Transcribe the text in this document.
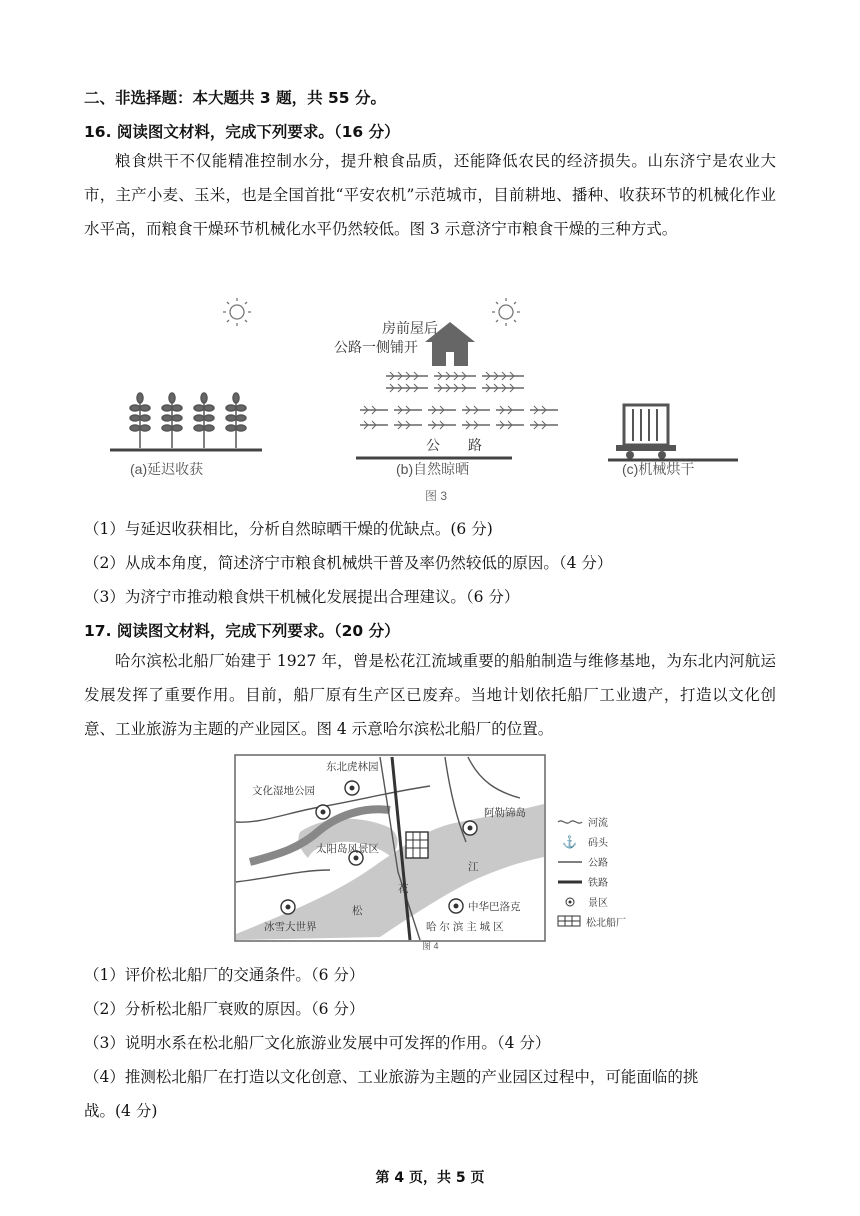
二、非选择题：本大题共 3 题，共 55 分。
16. 阅读图文材料，完成下列要求。（16 分）
粮食烘干不仅能精准控制水分，提升粮食品质，还能降低农民的经济损失。山东济宁是农业大市，主产小麦、玉米，也是全国首批“平安农机”示范城市，目前耕地、播种、收获环节的机械化作业水平高，而粮食干燥环节机械化水平仍然较低。图 3 示意济宁市粮食干燥的三种方式。
房前屋后
公路一侧铺开
公　　路
(a)延迟收获	(b)自然晾晒	(c)机械烘干
图 3
（1）与延迟收获相比，分析自然晾晒干燥的优缺点。(6 分)
（2）从成本角度，简述济宁市粮食机械烘干普及率仍然较低的原因。（4 分）
（3）为济宁市推动粮食烘干机械化发展提出合理建议。（6 分）
17. 阅读图文材料，完成下列要求。（20 分）
哈尔滨松北船厂始建于 1927 年，曾是松花江流域重要的船舶制造与维修基地，为东北内河航运发展发挥了重要作用。目前，船厂原有生产区已废弃。当地计划依托船厂工业遗产，打造以文化创意、工业旅游为主题的产业园区。图 4 示意哈尔滨松北船厂的位置。
东北虎林园
文化湿地公园
阿勒锦岛
太阳岛风景区
冰雪大世界
中华巴洛克
哈 尔 滨 主 城 区
江
花
松
河流
⚓ 码头
公路
铁路
景区
松北船厂
图 4
（1）评价松北船厂的交通条件。（6 分）
（2）分析松北船厂衰败的原因。（6 分）
（3）说明水系在松北船厂文化旅游业发展中可发挥的作用。（4 分）
（4）推测松北船厂在打造以文化创意、工业旅游为主题的产业园区过程中，可能面临的挑
战。(4 分)
第 4 页，共 5 页
